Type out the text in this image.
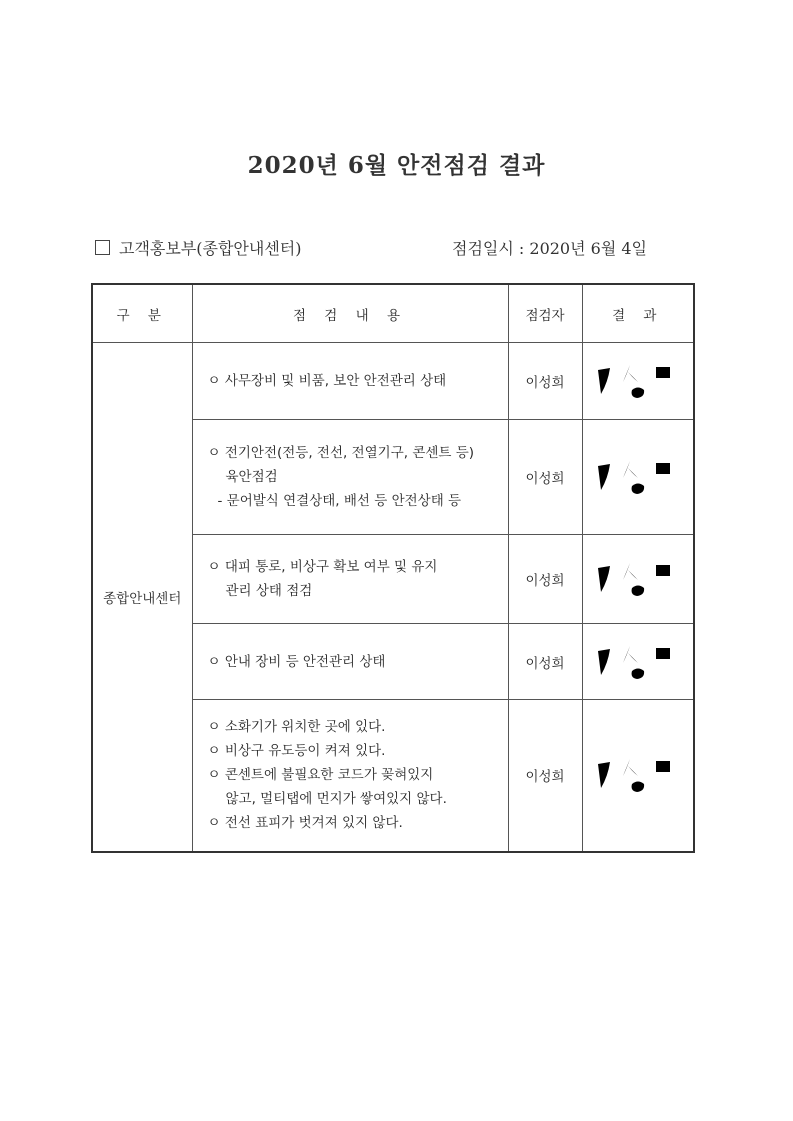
2020년 6월 안전점검 결과
고객홍보부(종합안내센터)	점검일시 : 2020년 6월 4일
구 분	점 검 내 용	점검자	결 과
종합안내센터	ㅇ 사무장비 및 비품, 보안 안전관리 상태	이성희	

	ㅇ 전기안전(전등, 전선, 전열기구, 콘센트 등)
육안점검
- 문어발식 연결상태, 배선 등 안전상태 등	이성희	

	ㅇ 대피 통로, 비상구 확보 여부 및 유지
관리 상태 점검	이성희	

	ㅇ 안내 장비 등 안전관리 상태	이성희	

	ㅇ 소화기가 위치한 곳에 있다.
ㅇ 비상구 유도등이 켜져 있다.
ㅇ 콘센트에 불필요한 코드가 꽂혀있지
않고, 멀티탭에 먼지가 쌓여있지 않다.
ㅇ 전선 표피가 벗겨져 있지 않다.	이성희	
